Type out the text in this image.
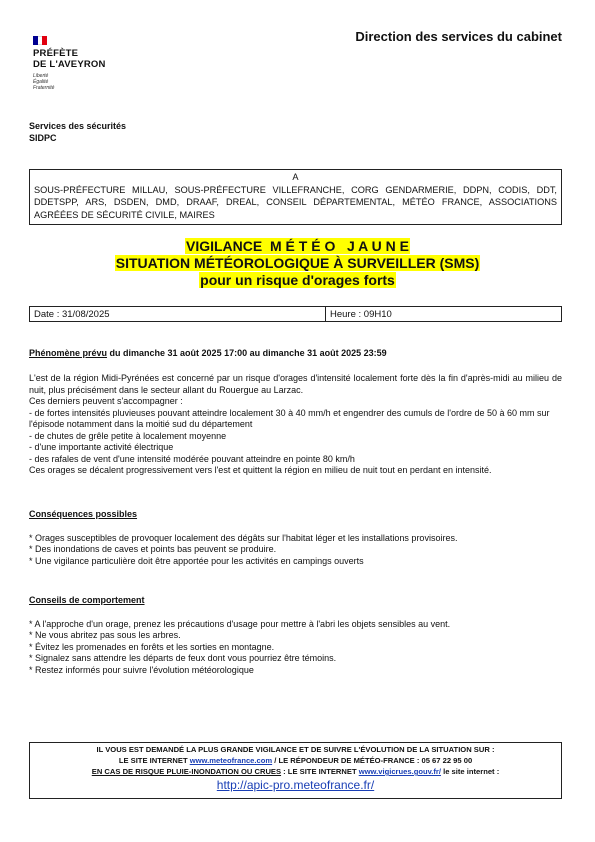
PRÉFÈTE
DE L'AVEYRON
Liberté
Égalité
Fraternité
Direction des services du cabinet
Services des sécurités
SIDPC
A
SOUS-PRÉFECTURE MILLAU, SOUS-PRÉFECTURE VILLEFRANCHE, CORG GENDARMERIE, DDPN, CODIS, DDT, DDETSPP, ARS, DSDEN, DMD, DRAAF, DREAL, CONSEIL DÉPARTEMENTAL, MÉTÉO FRANCE, ASSOCIATIONS AGRÉÉES DE SÉCURITÉ CIVILE, MAIRES
VIGILANCE  M É T É O   J A U N E
SITUATION MÉTÉOROLOGIQUE À SURVEILLER (SMS)
pour un risque d'orages forts
Date : 31/08/2025	Heure : 09H10
Phénomène prévu du dimanche 31 août 2025 17:00 au dimanche 31 août 2025 23:59
L'est de la région Midi-Pyrénées est concerné par un risque d'orages d'intensité localement forte dès la fin d'après-midi au milieu de nuit, plus précisément dans le secteur allant du Rouergue au Larzac.
Ces derniers peuvent s'accompagner :
- de fortes intensités pluvieuses pouvant atteindre localement 30 à 40 mm/h et engendrer des cumuls de l'ordre de 50 à 60 mm sur l'épisode notamment dans la moitié sud du département
- de chutes de grêle petite à localement moyenne
- d'une importante activité électrique
- des rafales de vent d'une intensité modérée pouvant atteindre en pointe 80 km/h
Ces orages se décalent progressivement vers l'est et quittent la région en milieu de nuit tout en perdant en intensité.
Conséquences possibles
* Orages susceptibles de provoquer localement des dégâts sur l'habitat léger et les installations provisoires.
* Des inondations de caves et points bas peuvent se produire.
* Une vigilance particulière doit être apportée pour les activités en campings ouverts
Conseils de comportement
* A l'approche d'un orage, prenez les précautions d'usage pour mettre à l'abri les objets sensibles au vent.
* Ne vous abritez pas sous les arbres.
* Évitez les promenades en forêts et les sorties en montagne.
* Signalez sans attendre les départs de feux dont vous pourriez être témoins.
* Restez informés pour suivre l'évolution météorologique
IL VOUS EST DEMANDÉ LA PLUS GRANDE VIGILANCE ET DE SUIVRE L'ÉVOLUTION DE LA SITUATION SUR :
LE SITE INTERNET www.meteofrance.com / LE RÉPONDEUR DE MÉTÉO-FRANCE : 05 67 22 95 00
EN CAS DE RISQUE PLUIE-INONDATION OU CRUES : LE SITE INTERNET www.vigicrues.gouv.fr/ le site internet :
http://apic-pro.meteofrance.fr/
